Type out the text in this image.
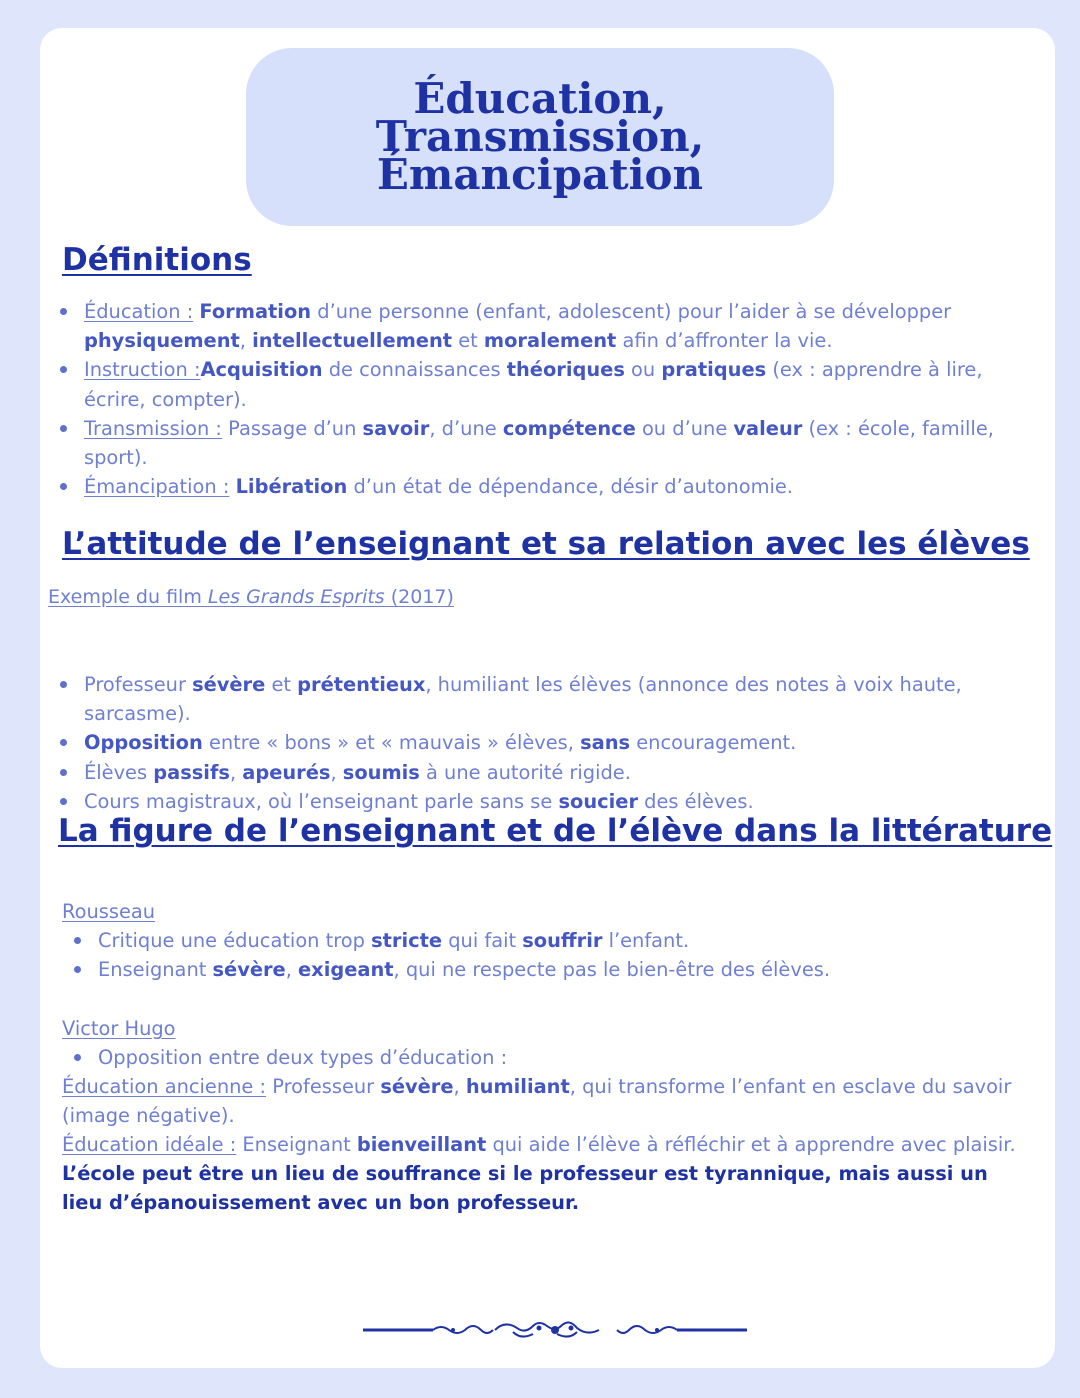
Éducation,
Transmission,
Émancipation
Définitions
Éducation : Formation d’une personne (enfant, adolescent) pour l’aider à se développer physiquement, intellectuellement et moralement afin d’affronter la vie.
Instruction :Acquisition de connaissances théoriques ou pratiques (ex : apprendre à lire, écrire, compter).
Transmission : Passage d’un savoir, d’une compétence ou d’une valeur (ex : école, famille, sport).
Émancipation : Libération d’un état de dépendance, désir d’autonomie.
L’attitude de l’enseignant et sa relation avec les élèves
Exemple du film Les Grands Esprits (2017)
Professeur sévère et prétentieux, humiliant les élèves (annonce des notes à voix haute, sarcasme).
Opposition entre « bons » et « mauvais » élèves, sans encouragement.
Élèves passifs, apeurés, soumis à une autorité rigide.
Cours magistraux, où l’enseignant parle sans se soucier des élèves.
La figure de l’enseignant et de l’élève dans la littérature
Rousseau
Critique une éducation trop stricte qui fait souffrir l’enfant.
Enseignant sévère, exigeant, qui ne respecte pas le bien-être des élèves.
Victor Hugo
Opposition entre deux types d’éducation :
Éducation ancienne : Professeur sévère, humiliant, qui transforme l’enfant en esclave du savoir (image négative).
Éducation idéale : Enseignant bienveillant qui aide l’élève à réfléchir et à apprendre avec plaisir.
L’école peut être un lieu de souffrance si le professeur est tyrannique, mais aussi un lieu d’épanouissement avec un bon professeur.
